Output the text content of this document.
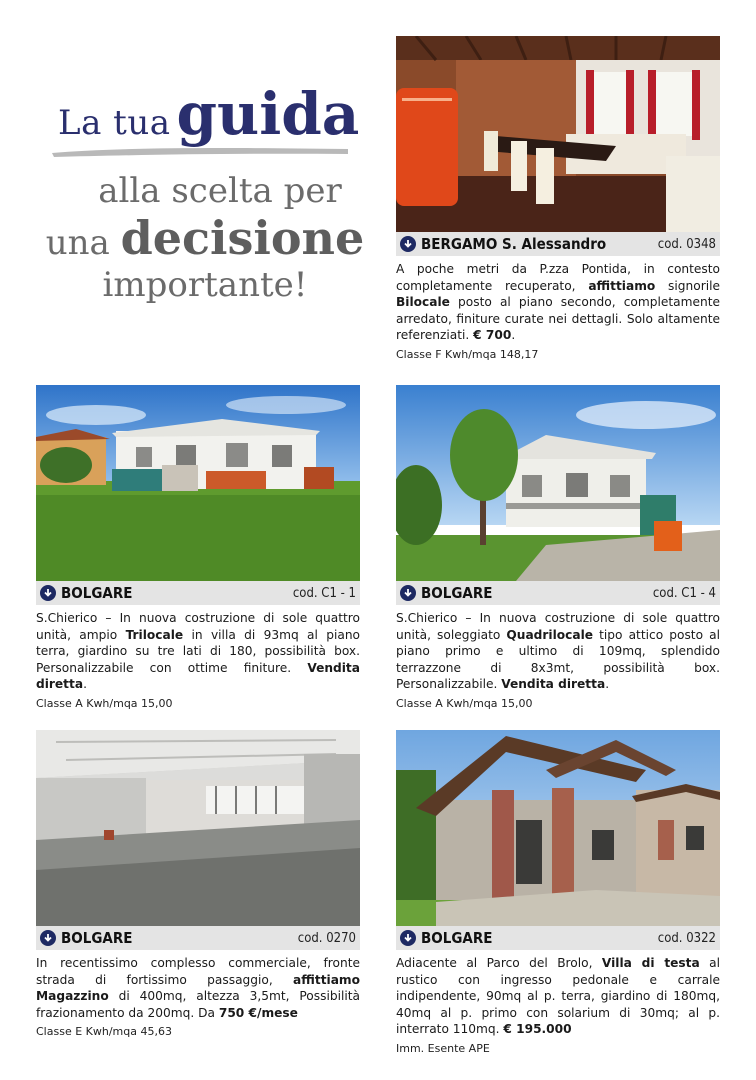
La tua guida
alla scelta per
una decisione
importante!
BERGAMO S. Alessandro	cod. 0348
A poche metri da P.zza Pontida, in contesto completamente recuperato, affittiamo signorile Bilocale posto al piano secondo, completamente arredato, finiture curate nei dettagli. Solo altamente referenziati. € 700.
Classe F Kwh/mqa 148,17
BOLGARE	cod. C1 - 1
S.Chierico – In nuova costruzione di sole quattro unità, ampio Trilocale in villa di 93mq al piano terra, giardino su tre lati di 180, possibilità box. Personalizzabile con ottime finiture. Vendita diretta.
Classe A Kwh/mqa 15,00
BOLGARE	cod. C1 - 4
S.Chierico – In nuova costruzione di sole quattro unità, soleggiato Quadrilocale tipo attico posto al piano primo e ultimo di 109mq, splendido terrazzone di 8x3mt, possibilità box. Personalizzabile. Vendita diretta.
Classe A Kwh/mqa 15,00
BOLGARE	cod. 0270
In recentissimo complesso commerciale, fronte strada di fortissimo passaggio, affittiamo Magazzino di 400mq, altezza 3,5mt, Possibilità frazionamento da 200mq. Da 750 €/mese
Classe E Kwh/mqa 45,63
BOLGARE	cod. 0322
Adiacente al Parco del Brolo, Villa di testa al rustico con ingresso pedonale e carrale indipendente, 90mq al p. terra, giardino di 180mq, 40mq al p. primo con solarium di 30mq; al p. interrato 110mq. € 195.000
Imm. Esente APE
